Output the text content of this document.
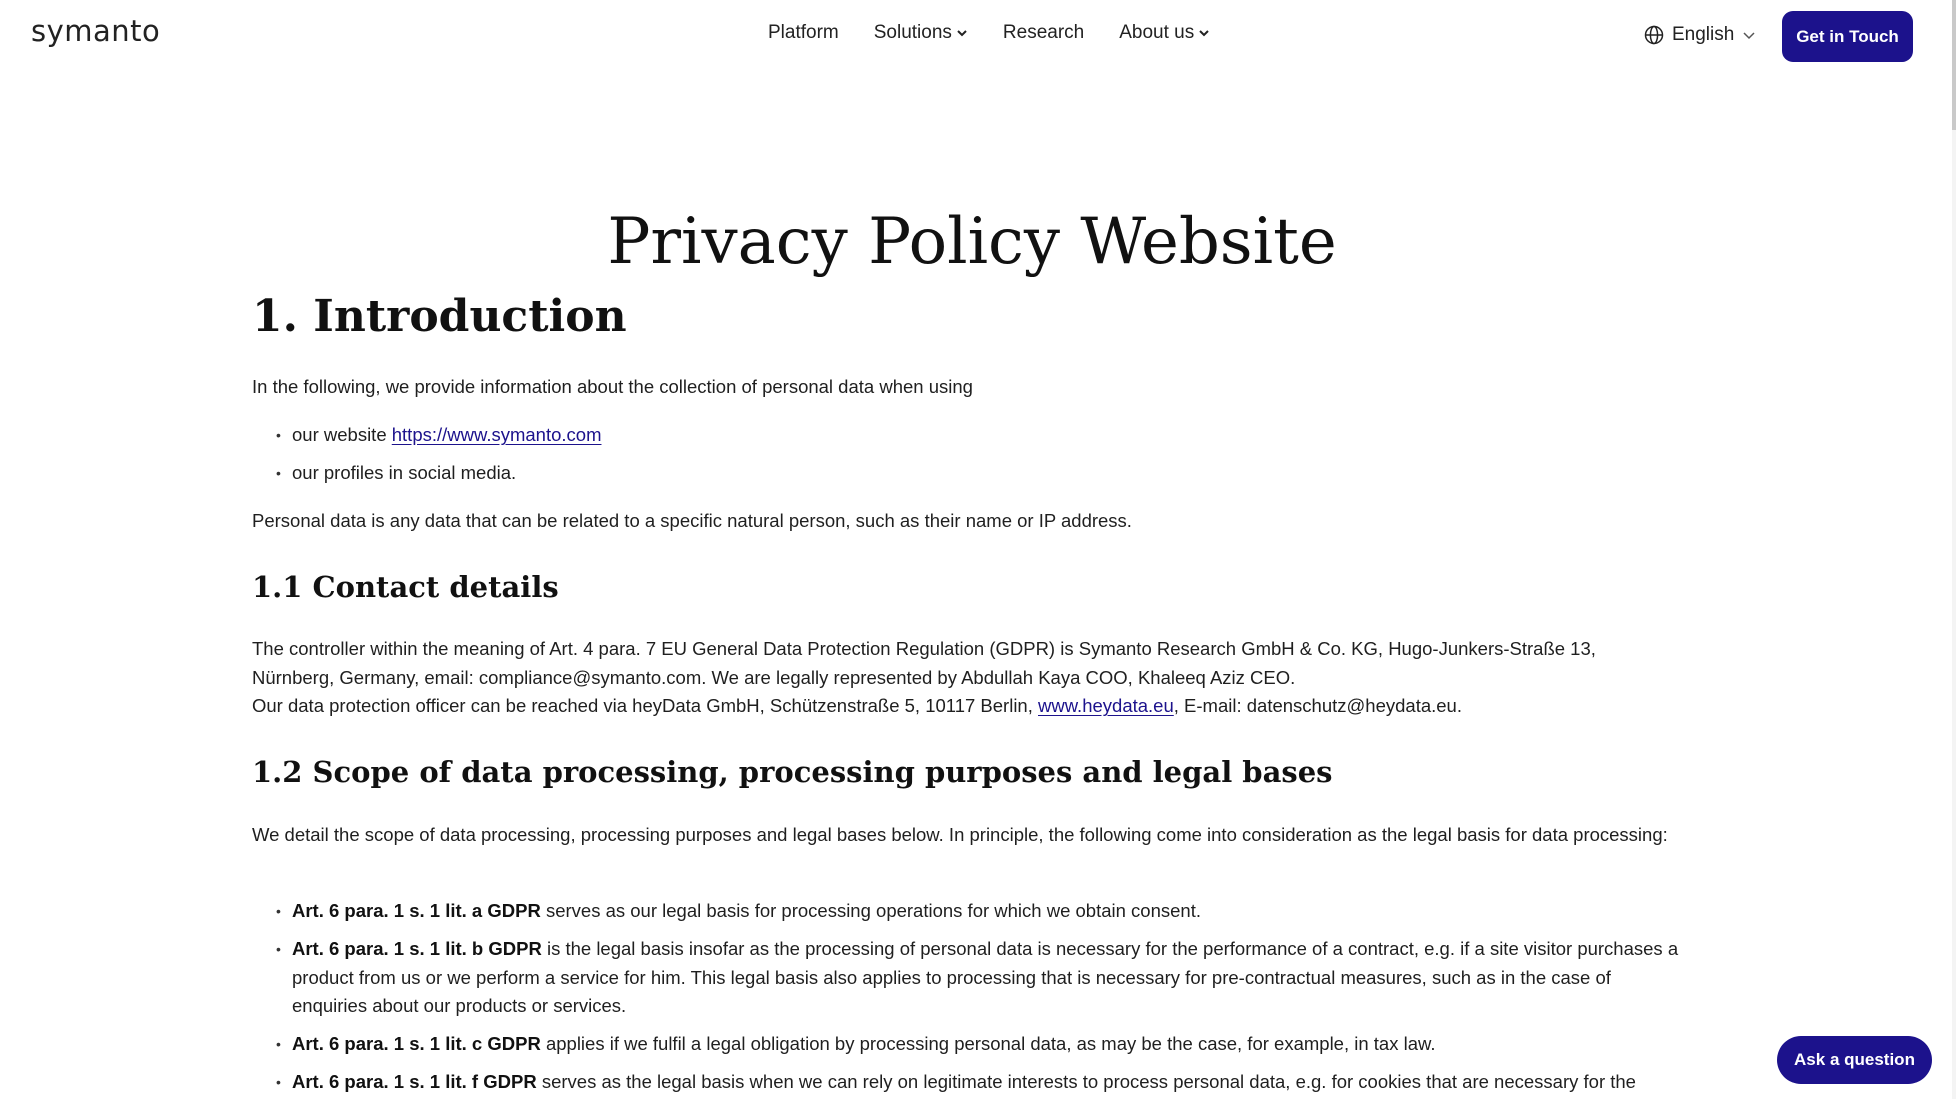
symanto	Platform Solutions	Research About us	English	Get in Touch
Privacy Policy Website
1. Introduction

In the following, we provide information about the collection of personal data when using

• our website https://www.symanto.com
• our profiles in social media.

Personal data is any data that can be related to a specific natural person, such as their name or IP address.

1.1 Contact details

The controller within the meaning of Art. 4 para. 7 EU General Data Protection Regulation (GDPR) is Symanto Research GmbH & Co. KG, Hugo-Junkers-Straße 13, Nürnberg, Germany, email: compliance@symanto.com. We are legally represented by Abdullah Kaya COO, Khaleeq Aziz CEO.
Our data protection officer can be reached via heyData GmbH, Schützenstraße 5, 10117 Berlin, www.heydata.eu, E-mail: datenschutz@heydata.eu.

1.2 Scope of data processing, processing purposes and legal bases

We detail the scope of data processing, processing purposes and legal bases below. In principle, the following come into consideration as the legal basis for data processing:

• Art. 6 para. 1 s. 1 lit. a GDPR serves as our legal basis for processing operations for which we obtain consent.
• Art. 6 para. 1 s. 1 lit. b GDPR is the legal basis insofar as the processing of personal data is necessary for the performance of a contract, e.g. if a site visitor purchases a product from us or we perform a service for him. This legal basis also applies to processing that is necessary for pre-contractual measures, such as in the case of enquiries about our products or services.
• Art. 6 para. 1 s. 1 lit. c GDPR applies if we fulfil a legal obligation by processing personal data, as may be the case, for example, in tax law.
• Art. 6 para. 1 s. 1 lit. f GDPR serves as the legal basis when we can rely on legitimate interests to process personal data, e.g. for cookies that are necessary for the
Ask a question
